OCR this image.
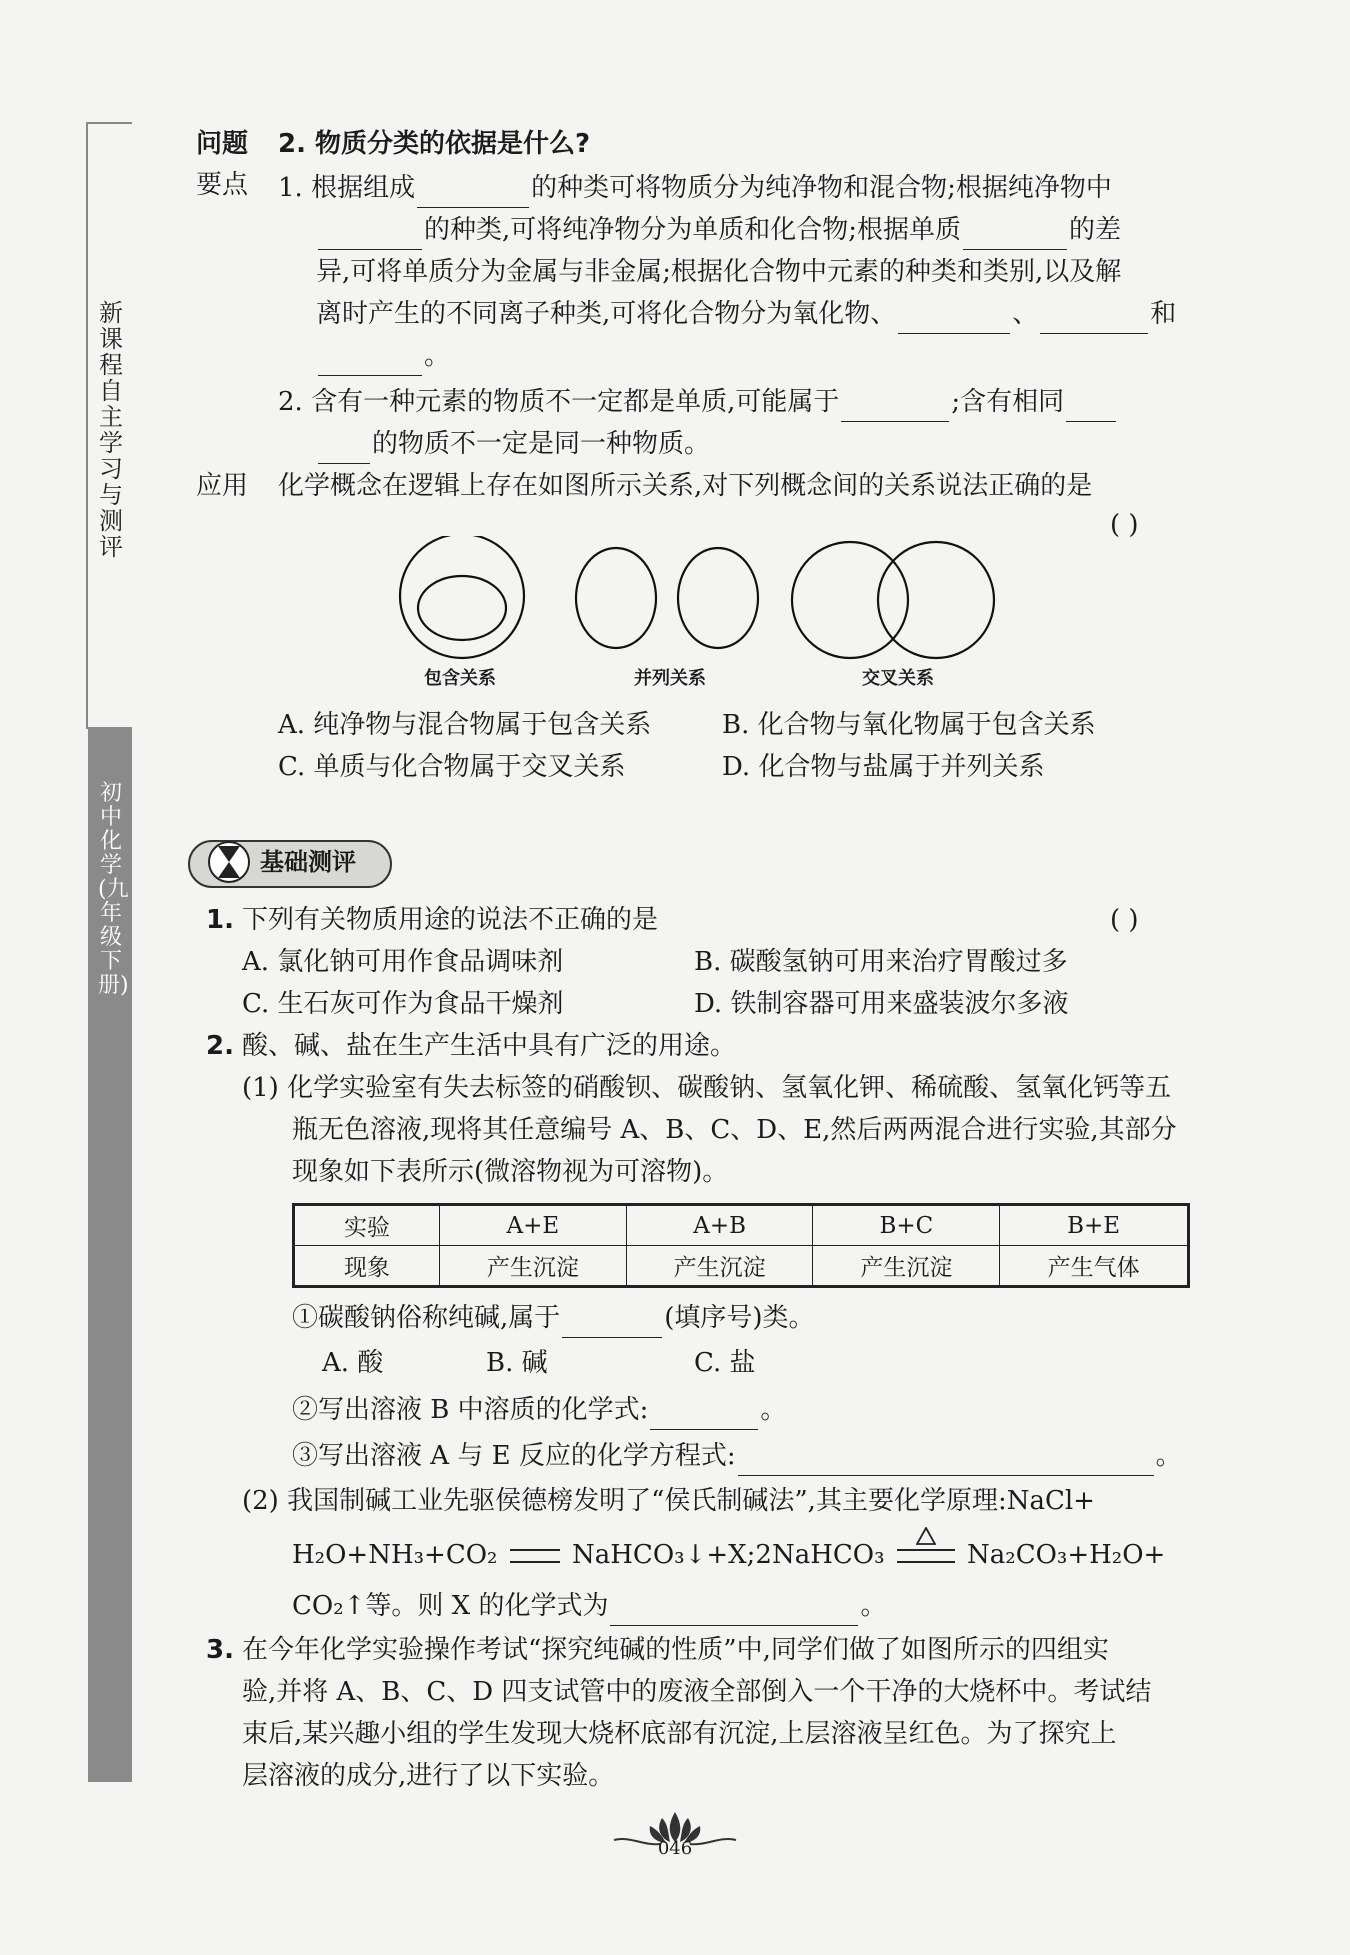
新课程自主学习与测评
初中化学(九年级下册)
问题 2. 物质分类的依据是什么?
要点 1. 根据组成	的种类可将物质分为纯净物和混合物;根据纯净物中
的种类,可将纯净物分为单质和化合物;根据单质	的差
异,可将单质分为金属与非金属;根据化合物中元素的种类和类别,以及解
离时产生的不同离子种类,可将化合物分为氧化物、	、	和
。
2. 含有一种元素的物质不一定都是单质,可能属于	;含有相同
的物质不一定是同一种物质。
应用 化学概念在逻辑上存在如图所示关系,对下列概念间的关系说法正确的是
( )
包含关系	并列关系	交叉关系
A. 纯净物与混合物属于包含关系	B. 化合物与氧化物属于包含关系
C. 单质与化合物属于交叉关系	D. 化合物与盐属于并列关系
基础测评
1. 下列有关物质用途的说法不正确的是	( )
A. 氯化钠可用作食品调味剂	B. 碳酸氢钠可用来治疗胃酸过多
C. 生石灰可作为食品干燥剂	D. 铁制容器可用来盛装波尔多液
2. 酸、碱、盐在生产生活中具有广泛的用途。
(1) 化学实验室有失去标签的硝酸钡、碳酸钠、氢氧化钾、稀硫酸、氢氧化钙等五
瓶无色溶液,现将其任意编号 A、B、C、D、E,然后两两混合进行实验,其部分
现象如下表所示(微溶物视为可溶物)。
实验	A+E	A+B	B+C	B+E
现象	产生沉淀	产生沉淀	产生沉淀	产生气体
①碳酸钠俗称纯碱,属于	(填序号)类。
A. 酸	B. 碱	C. 盐
②写出溶液 B 中溶质的化学式:	。
③写出溶液 A 与 E 反应的化学方程式:	。
(2) 我国制碱工业先驱侯德榜发明了“侯氏制碱法”,其主要化学原理:NaCl+
H₂O+NH₃+CO₂	NaHCO₃↓+X;2NaHCO₃	Na₂CO₃+H₂O+
CO₂↑等。则 X 的化学式为	。
3. 在今年化学实验操作考试“探究纯碱的性质”中,同学们做了如图所示的四组实
验,并将 A、B、C、D 四支试管中的废液全部倒入一个干净的大烧杯中。考试结
束后,某兴趣小组的学生发现大烧杯底部有沉淀,上层溶液呈红色。为了探究上
层溶液的成分,进行了以下实验。
046
